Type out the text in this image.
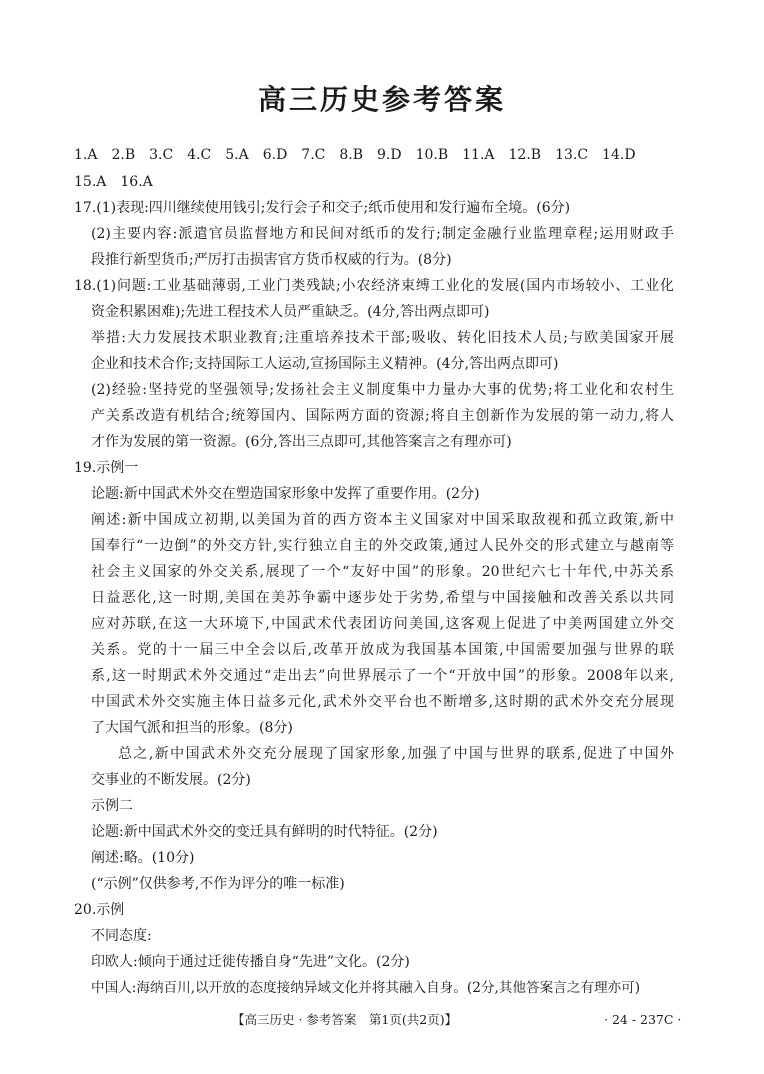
高三历史参考答案
1.A　2.B　3.C　4.C　5.A　6.D　7.C　8.B　9.D　10.B　11.A　12.B　13.C　14.D
15.A　16.A
17.(1)表现:四川继续使用钱引;发行会子和交子;纸币使用和发行遍布全境。(6分)
(2)主要内容:派遣官员监督地方和民间对纸币的发行;制定金融行业监理章程;运用财政手
段推行新型货币;严厉打击损害官方货币权威的行为。(8分)
18.(1)问题:工业基础薄弱,工业门类残缺;小农经济束缚工业化的发展(国内市场较小、工业化
资金积累困难);先进工程技术人员严重缺乏。(4分,答出两点即可)
举措:大力发展技术职业教育;注重培养技术干部;吸收、转化旧技术人员;与欧美国家开展
企业和技术合作;支持国际工人运动,宣扬国际主义精神。(4分,答出两点即可)
(2)经验:坚持党的坚强领导;发扬社会主义制度集中力量办大事的优势;将工业化和农村生
产关系改造有机结合;统筹国内、国际两方面的资源;将自主创新作为发展的第一动力,将人
才作为发展的第一资源。(6分,答出三点即可,其他答案言之有理亦可)
19.示例一
论题:新中国武术外交在塑造国家形象中发挥了重要作用。(2分)
阐述:新中国成立初期,以美国为首的西方资本主义国家对中国采取敌视和孤立政策,新中
国奉行“一边倒”的外交方针,实行独立自主的外交政策,通过人民外交的形式建立与越南等
社会主义国家的外交关系,展现了一个“友好中国”的形象。20世纪六七十年代,中苏关系
日益恶化,这一时期,美国在美苏争霸中逐步处于劣势,希望与中国接触和改善关系以共同
应对苏联,在这一大环境下,中国武术代表团访问美国,这客观上促进了中美两国建立外交
关系。党的十一届三中全会以后,改革开放成为我国基本国策,中国需要加强与世界的联
系,这一时期武术外交通过“走出去”向世界展示了一个“开放中国”的形象。2008年以来,
中国武术外交实施主体日益多元化,武术外交平台也不断增多,这时期的武术外交充分展现
了大国气派和担当的形象。(8分)
总之,新中国武术外交充分展现了国家形象,加强了中国与世界的联系,促进了中国外
交事业的不断发展。(2分)
示例二
论题:新中国武术外交的变迁具有鲜明的时代特征。(2分)
阐述:略。(10分)
(“示例”仅供参考,不作为评分的唯一标准)
20.示例
不同态度:
印欧人:倾向于通过迁徙传播自身“先进”文化。(2分)
中国人:海纳百川,以开放的态度接纳异域文化并将其融入自身。(2分,其他答案言之有理亦可)
【高三历史 · 参考答案　第1页(共2页)】	· 24 - 237C ·
